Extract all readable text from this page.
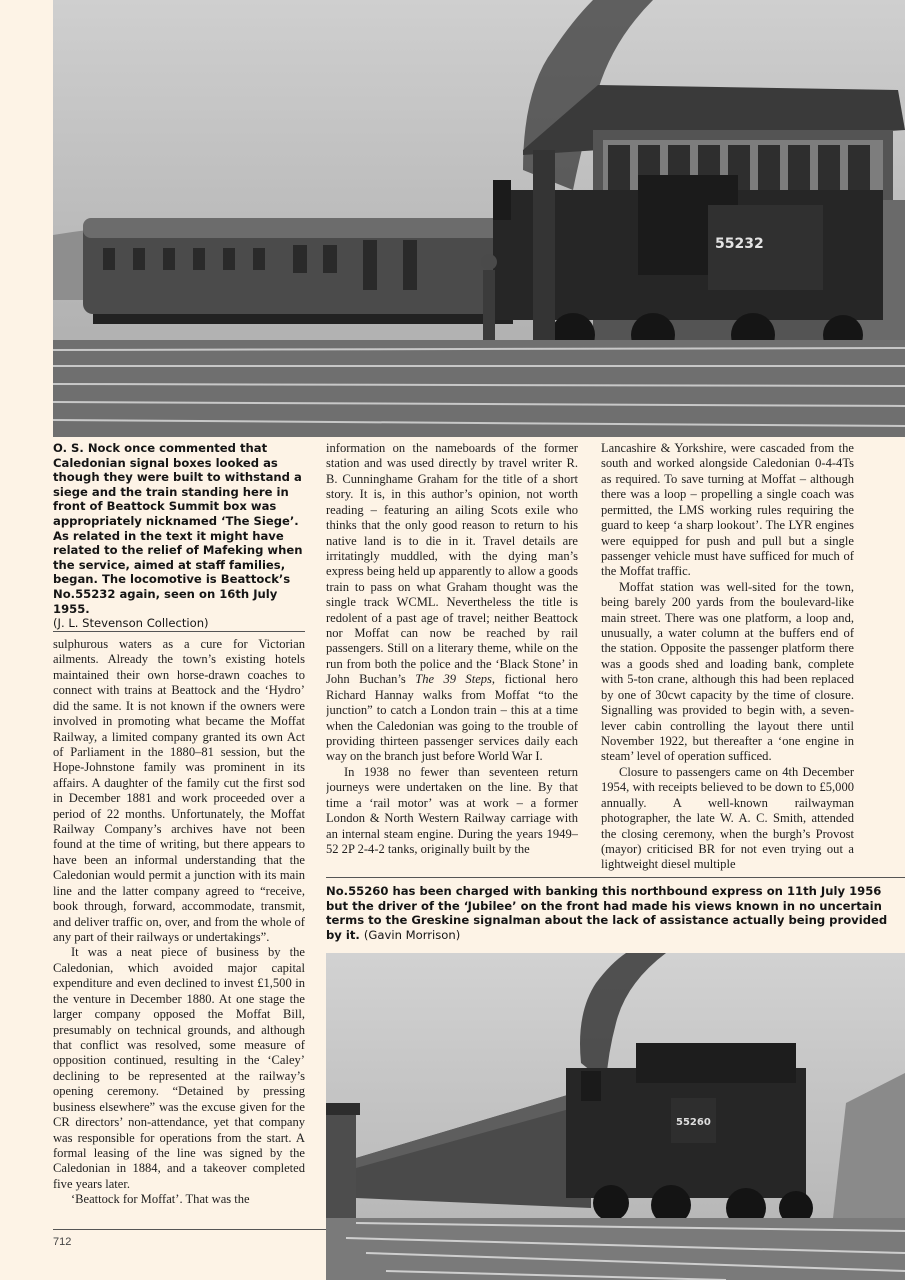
55232
O. S. Nock once commented that Caledonian signal boxes looked as though they were built to withstand a siege and the train standing here in front of Beattock Summit box was appropriately nicknamed ‘The Siege’. As related in the text it might have related to the relief of Mafeking when the service, aimed at staff families, began. The locomotive is Beattock’s No.55232 again, seen on 16th July 1955.
(J. L. Stevenson Collection)

sulphurous waters as a cure for Victorian ailments. Already the town’s existing hotels maintained their own horse-drawn coaches to connect with trains at Beattock and the ‘Hydro’ did the same. It is not known if the owners were involved in promoting what became the Moffat Railway, a limited company granted its own Act of Parliament in the 1880–81 session, but the Hope-Johnstone family was prominent in its affairs. A daughter of the family cut the first sod in December 1881 and work proceeded over a period of 22 months. Unfortunately, the Moffat Railway Company’s archives have not been found at the time of writing, but there appears to have been an informal understanding that the Caledonian would permit a junction with its main line and the latter company agreed to “receive, book through, forward, accommodate, transmit, and deliver traffic on, over, and from the whole of any part of their railways or undertakings”.

It was a neat piece of business by the Caledonian, which avoided major capital expenditure and even declined to invest £1,500 in the venture in December 1880. At one stage the larger company opposed the Moffat Bill, presumably on technical grounds, and although that conflict was resolved, some measure of opposition continued, resulting in the ‘Caley’ declining to be represented at the railway’s opening ceremony. “Detained by pressing business elsewhere” was the excuse given for the CR directors’ non-attendance, yet that company was responsible for operations from the start. A formal leasing of the line was signed by the Caledonian in 1884, and a takeover completed five years later.

‘Beattock for Moffat’. That was the

712

information on the nameboards of the former station and was used directly by travel writer R. B. Cunninghame Graham for the title of a short story. It is, in this author’s opinion, not worth reading – featuring an ailing Scots exile who thinks that the only good reason to return to his native land is to die in it. Travel details are irritatingly muddled, with the dying man’s express being held up apparently to allow a goods train to pass on what Graham thought was the single track WCML. Nevertheless the title is redolent of a past age of travel; neither Beattock nor Moffat can now be reached by rail passengers. Still on a literary theme, while on the run from both the police and the ‘Black Stone’ in John Buchan’s The 39 Steps, fictional hero Richard Hannay walks from Moffat “to the junction” to catch a London train – this at a time when the Caledonian was going to the trouble of providing thirteen passenger services daily each way on the branch just before World War I.

In 1938 no fewer than seventeen return journeys were undertaken on the line. By that time a ‘rail motor’ was at work – a former London & North Western Railway carriage with an internal steam engine. During the years 1949–52 2P 2-4-2 tanks, originally built by the

Lancashire & Yorkshire, were cascaded from the south and worked alongside Caledonian 0-4-4Ts as required. To save turning at Moffat – although there was a loop – propelling a single coach was permitted, the LMS working rules requiring the guard to keep ‘a sharp lookout’. The LYR engines were equipped for push and pull but a single passenger vehicle must have sufficed for much of the Moffat traffic.

Moffat station was well-sited for the town, being barely 200 yards from the boulevard-like main street. There was one platform, a loop and, unusually, a water column at the buffers end of the station. Opposite the passenger platform there was a goods shed and loading bank, complete with 5-ton crane, although this had been replaced by one of 30cwt capacity by the time of closure. Signalling was provided to begin with, a seven-lever cabin controlling the layout there until November 1922, but thereafter a ‘one engine in steam’ level of operation sufficed.

Closure to passengers came on 4th December 1954, with receipts believed to be down to £5,000 annually. A well-known railwayman photographer, the late W. A. C. Smith, attended the closing ceremony, when the burgh’s Provost (mayor) criticised BR for not even trying out a lightweight diesel multiple

No.55260 has been charged with banking this northbound express on 11th July 1956 but the driver of the ‘Jubilee’ on the front had made his views known in no uncertain terms to the Greskine signalman about the lack of assistance actually being provided by it. (Gavin Morrison)
55260
